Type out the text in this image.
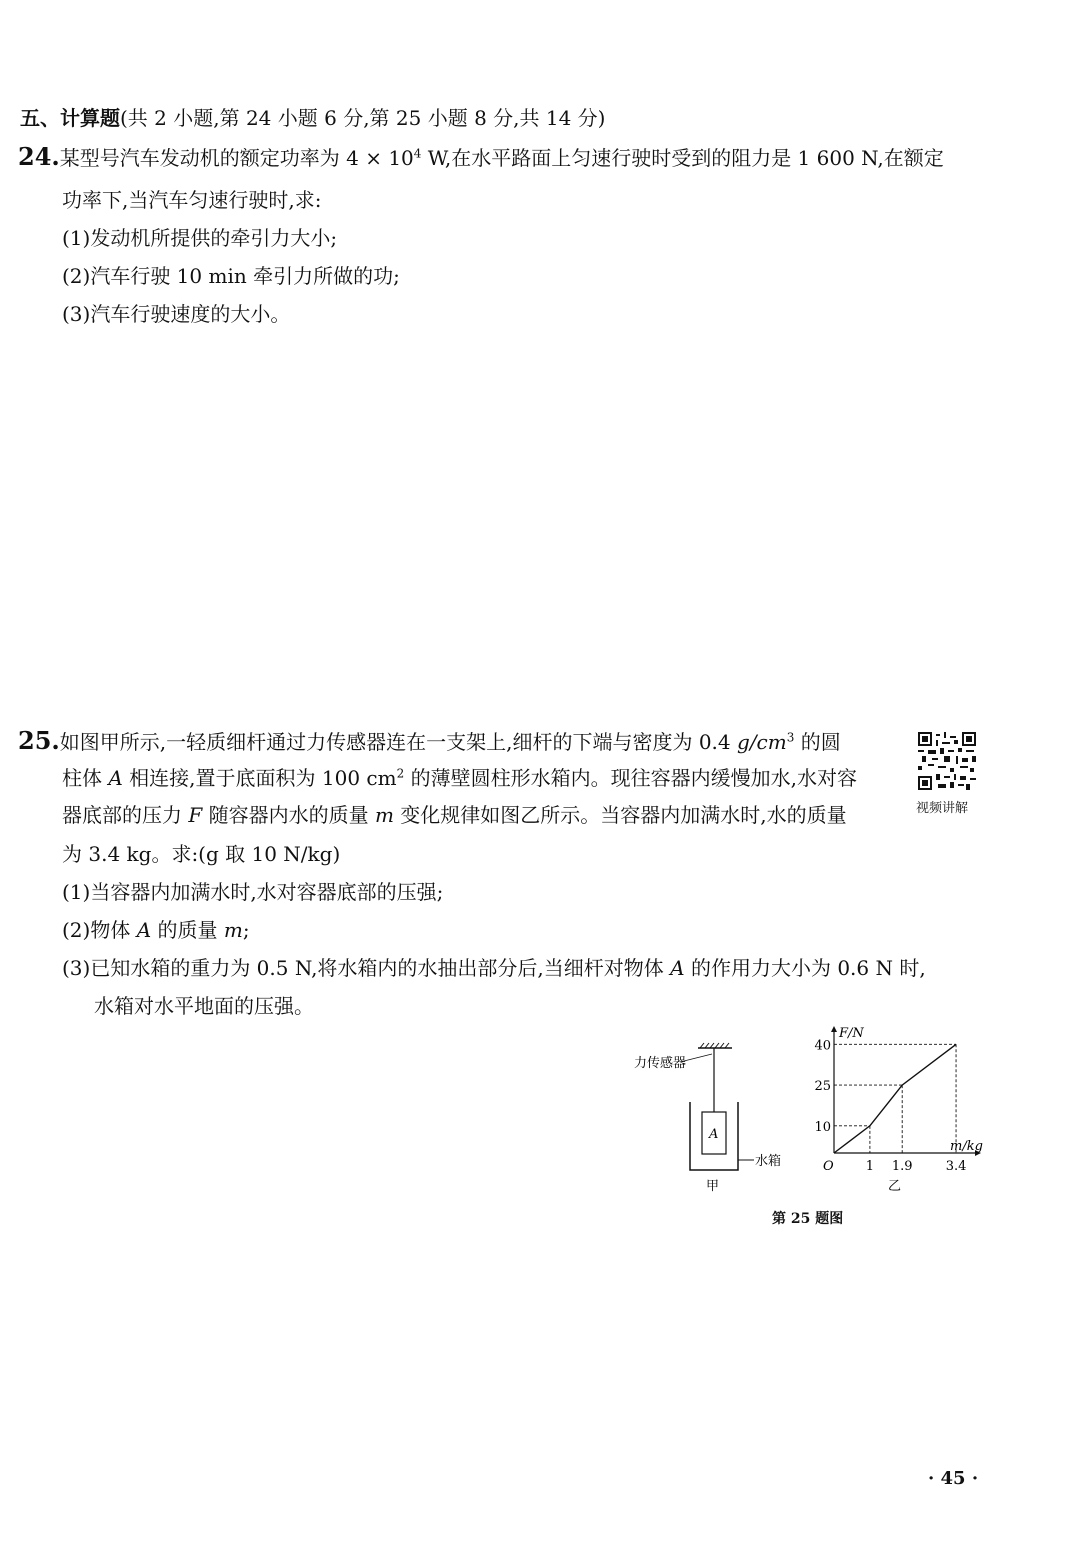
五、计算题(共 2 小题,第 24 小题 6 分,第 25 小题 8 分,共 14 分)
24.某型号汽车发动机的额定功率为 $4 \times 10^4$ W,在水平路面上匀速行驶时受到的阻力是 1 600 N,在额定
功率下,当汽车匀速行驶时,求:
(1)发动机所提供的牵引力大小;
(2)汽车行驶 10 min 牵引力所做的功;
(3)汽车行驶速度的大小。
25.如图甲所示,一轻质细杆通过力传感器连在一支架上,细杆的下端与密度为 0.4 $g/cm^3$ 的圆
柱体 A 相连接,置于底面积为 100 $cm^2$ 的薄壁圆柱形水箱内。现往容器内缓慢加水,水对容
器底部的压力 F 随容器内水的质量 m 变化规律如图乙所示。当容器内加满水时,水的质量
为 3.4 kg。求:(g 取 10 N/kg)
(1)当容器内加满水时,水对容器底部的压强;
(2)物体 A 的质量 m;
(3)已知水箱的重力为 0.5 N,将水箱内的水抽出部分后,当细杆对物体 A 的作用力大小为 0.6 N 时,
水箱对水平地面的压强。
视频讲解
力传感器
A
水箱
甲
F/N
m/kg
O
10
1
25
1.9
40
3.4
乙
第 25 题图
· 45 ·
